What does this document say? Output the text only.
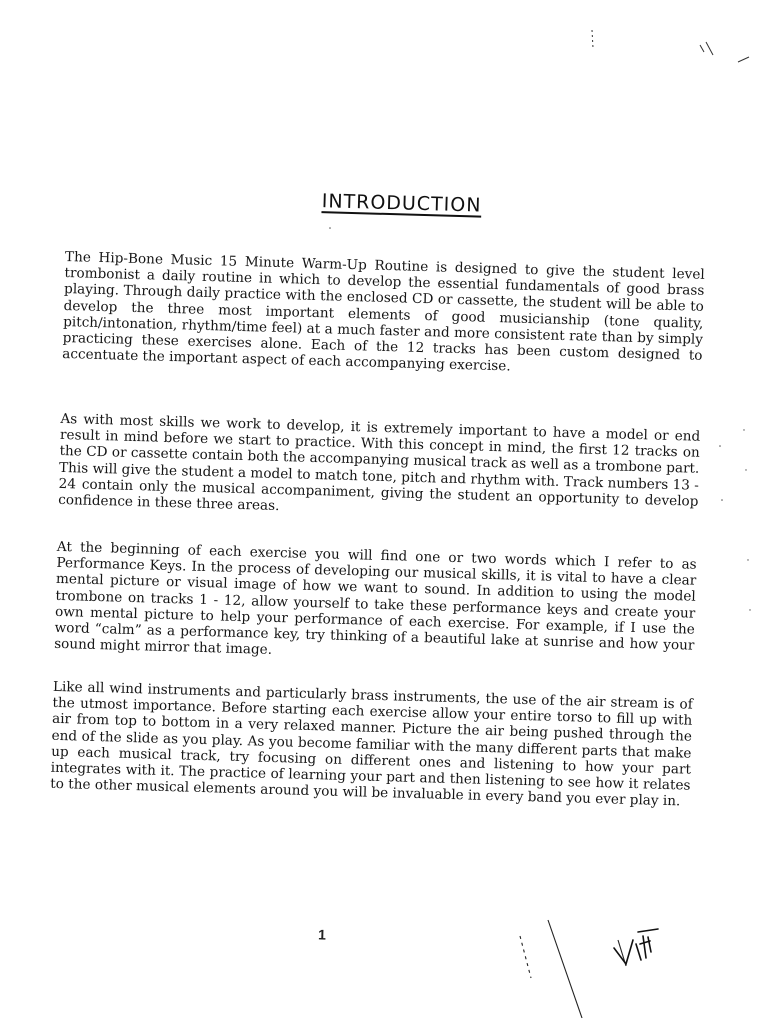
INTRODUCTION

The Hip-Bone Music 15 Minute Warm-Up Routine is designed to give the student level trombonist a daily routine in which to develop the essential fundamentals of good brass playing. Through daily practice with the enclosed CD or cassette, the student will be able to develop the three most important elements of good musicianship (tone quality, pitch/intonation, rhythm/time feel) at a much faster and more consistent rate than by simply practicing these exercises alone. Each of the 12 tracks has been custom designed to accentuate the important aspect of each accompanying exercise.

As with most skills we work to develop, it is extremely important to have a model or end result in mind before we start to practice. With this concept in mind, the first 12 tracks on the CD or cassette contain both the accompanying musical track as well as a trombone part. This will give the student a model to match tone, pitch and rhythm with. Track numbers 13 - 24 contain only the musical accompaniment, giving the student an opportunity to develop confidence in these three areas.

At the beginning of each exercise you will find one or two words which I refer to as Performance Keys. In the process of developing our musical skills, it is vital to have a clear mental picture or visual image of how we want to sound. In addition to using the model trombone on tracks 1 - 12, allow yourself to take these performance keys and create your own mental picture to help your performance of each exercise. For example, if I use the word “calm” as a performance key, try thinking of a beautiful lake at sunrise and how your sound might mirror that image.

Like all wind instruments and particularly brass instruments, the use of the air stream is of the utmost importance. Before starting each exercise allow your entire torso to fill up with air from top to bottom in a very relaxed manner. Picture the air being pushed through the end of the slide as you play. As you become familiar with the many different parts that make up each musical track, try focusing on different ones and listening to how your part integrates with it. The practice of learning your part and then listening to see how it relates to the other musical elements around you will be invaluable in every band you ever play in.

1
